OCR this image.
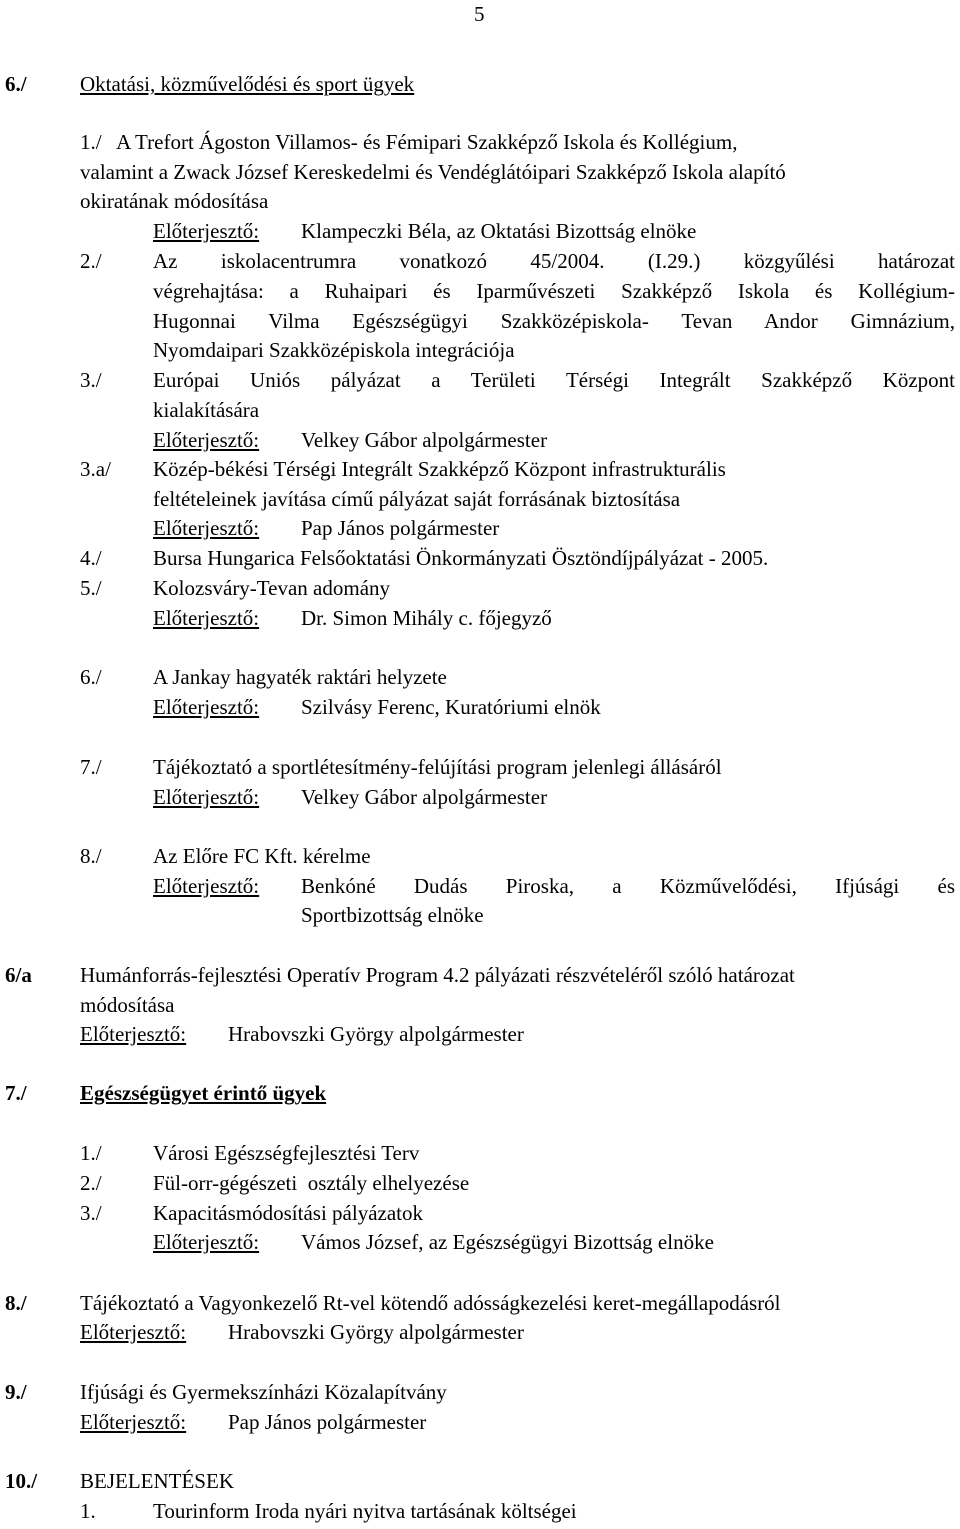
5
6./	Oktatási, közművelődési és sport ügyek
1./   A Trefort Ágoston Villamos- és Fémipari Szakképző Iskola és Kollégium,
valamint a Zwack József Kereskedelmi és Vendéglátóipari Szakképző Iskola alapító
okiratának módosítása
Előterjesztő: Klampeczki Béla, az Oktatási Bizottság elnöke
2./ Az iskolacentrumra vonatkozó 45/2004. (I.29.) közgyűlési határozat
végrehajtása: a Ruhaipari és Iparművészeti Szakképző Iskola és Kollégium-
Hugonnai Vilma Egészségügyi Szakközépiskola- Tevan Andor Gimnázium,
Nyomdaipari Szakközépiskola integrációja
3./ Európai Uniós pályázat a Területi Térségi Integrált Szakképző Központ
kialakítására
Előterjesztő: Velkey Gábor alpolgármester
3.a/ Közép-békési Térségi Integrált Szakképző Központ infrastrukturális
feltételeinek javítása című pályázat saját forrásának biztosítása
Előterjesztő: Pap János polgármester
4./ Bursa Hungarica Felsőoktatási Önkormányzati Ösztöndíjpályázat - 2005.
5./ Kolozsváry-Tevan adomány
Előterjesztő: Dr. Simon Mihály c. főjegyző
6./ A Jankay hagyaték raktári helyzete
Előterjesztő: Szilvásy Ferenc, Kuratóriumi elnök
7./ Tájékoztató a sportlétesítmény-felújítási program jelenlegi állásáról
Előterjesztő: Velkey Gábor alpolgármester
8./ Az Előre FC Kft. kérelme
Előterjesztő: Benkóné Dudás Piroska, a Közművelődési, Ifjúsági és
Sportbizottság elnöke
6/a Humánforrás-fejlesztési Operatív Program 4.2 pályázati részvételéről szóló határozat
módosítása
Előterjesztő: Hrabovszki György alpolgármester
7./	Egészségügyet érintő ügyek
1./ Városi Egészségfejlesztési Terv
2./ Fül-orr-gégészeti  osztály elhelyezése
3./ Kapacitásmódosítási pályázatok
Előterjesztő: Vámos József, az Egészségügyi Bizottság elnöke
8./	Tájékoztató a Vagyonkezelő Rt-vel kötendő adósságkezelési keret-megállapodásról
Előterjesztő: Hrabovszki György alpolgármester
9./	Ifjúsági és Gyermekszínházi Közalapítvány
Előterjesztő: Pap János polgármester
10./ BEJELENTÉSEK
1.	Tourinform Iroda nyári nyitva tartásának költségei
